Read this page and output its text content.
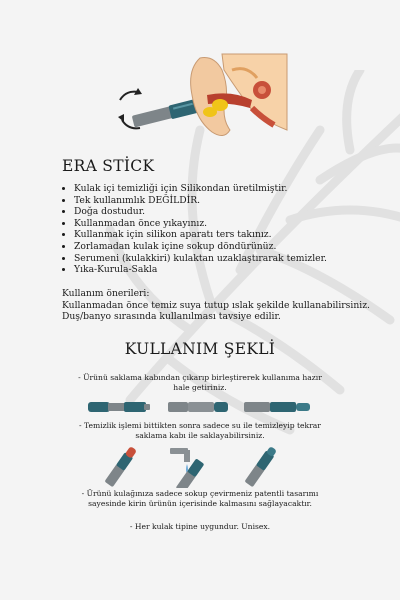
ERA STİCK
• Kulak içi temizliği için Silikondan üretilmiştir.
• Tek kullanımlık DEĞİLDİR.
• Doğa dostudur.
• Kullanmadan önce yıkayınız.
• Kullanmak için silikon aparatı ters takınız.
• Zorlamadan kulak içine sokup döndürünüz.
• Serumeni (kulakkiri) kulaktan uzaklaştırarak temizler.
• Yıka-Kurula-Sakla

Kullanım önerileri:

Kullanmadan önce temiz suya tutup ıslak şekilde kullanabilirsiniz.

Duş/banyo sırasında kullanılması tavsiye edilir.

KULLANIM ŞEKLİ

- Ürünü saklama kabından çıkarıp birleştirerek kullanıma hazır hale getiriniz.

- Temizlik işlemi bittikten sonra sadece su ile temizleyip tekrar saklama kabı ile saklayabilirsiniz.

- Ürünü kulağınıza sadece sokup çevirmeniz patentli tasarımı sayesinde kirin ürünün içerisinde kalmasını sağlayacaktır.

- Her kulak tipine uygundur. Unisex.
